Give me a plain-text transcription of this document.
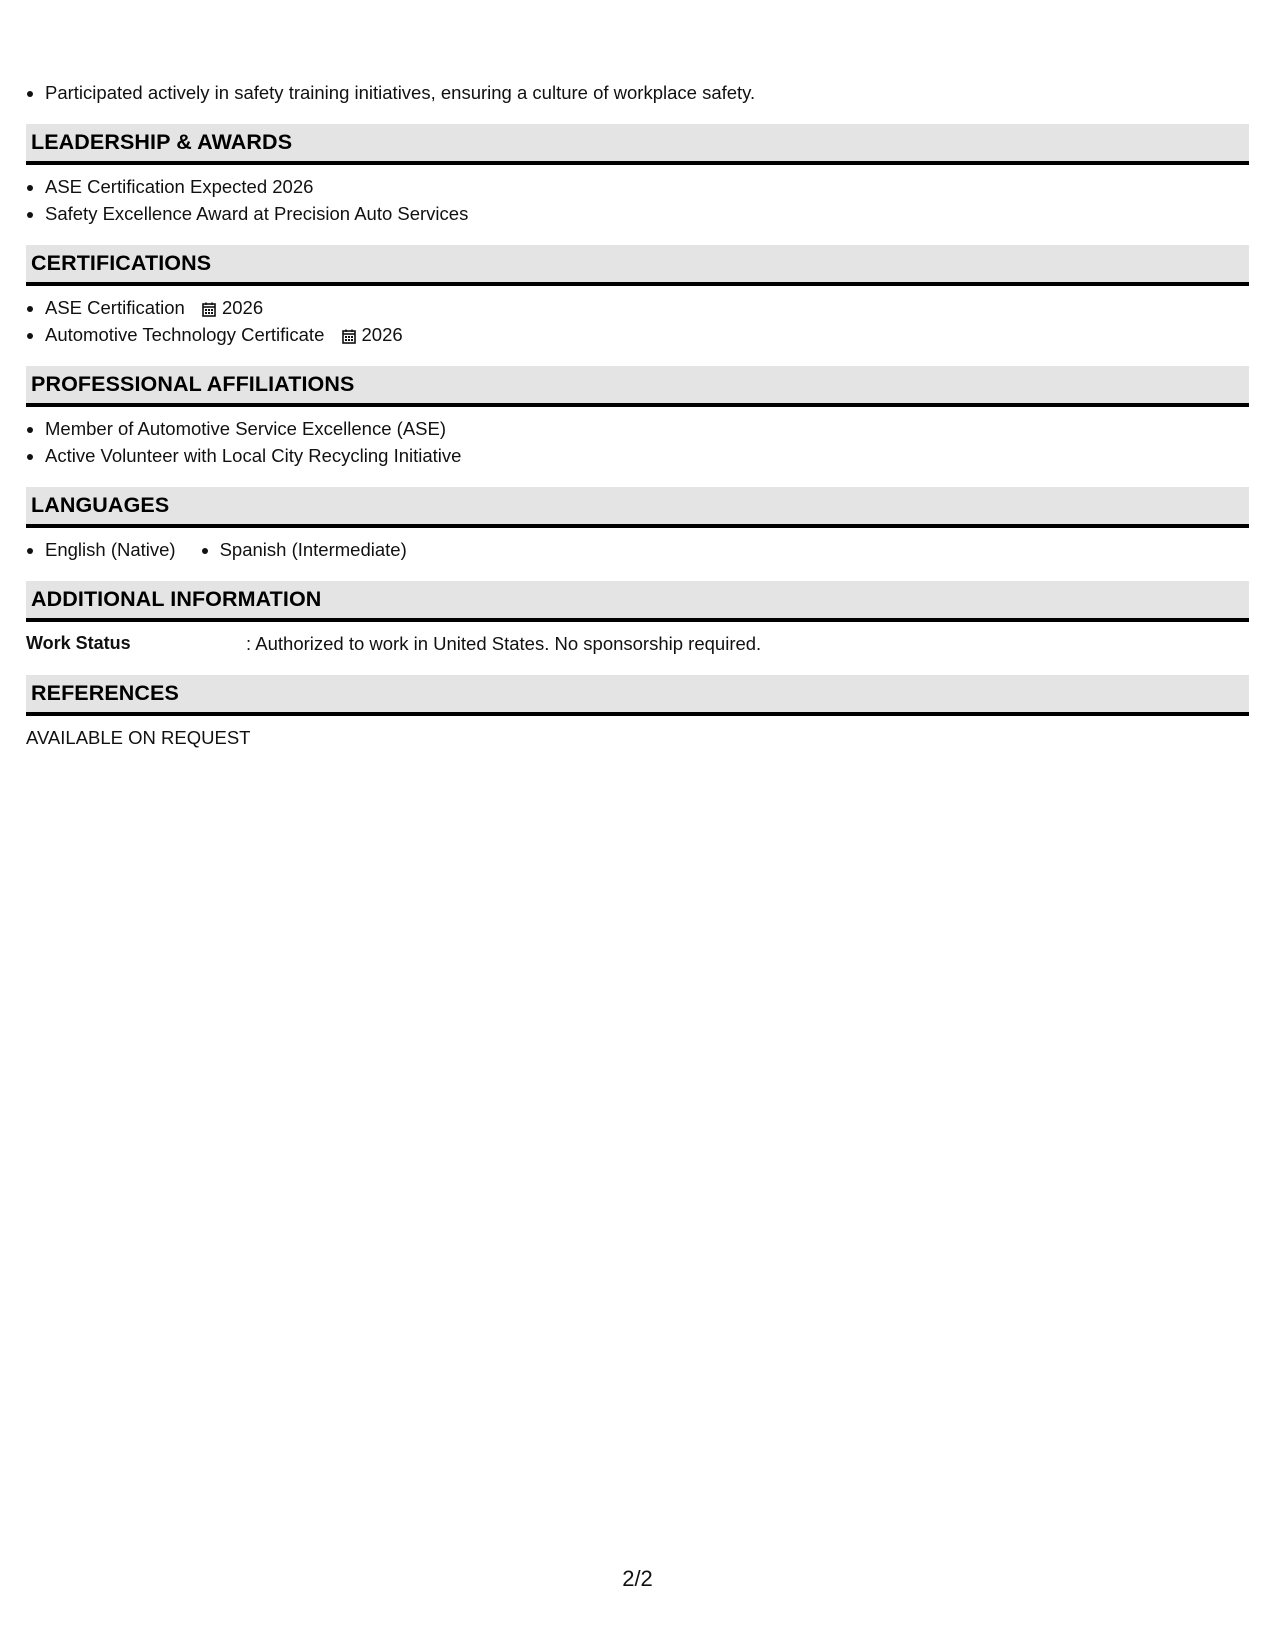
• Participated actively in safety training initiatives, ensuring a culture of workplace safety.
LEADERSHIP & AWARDS
• ASE Certification Expected 2026
• Safety Excellence Award at Precision Auto Services
CERTIFICATIONS
• ASE Certification 2026
• Automotive Technology Certificate 2026
PROFESSIONAL AFFILIATIONS
• Member of Automotive Service Excellence (ASE)
• Active Volunteer with Local City Recycling Initiative
LANGUAGES
• English (Native)
• Spanish (Intermediate)
ADDITIONAL INFORMATION
Work Status	: Authorized to work in United States. No sponsorship required.
REFERENCES
AVAILABLE ON REQUEST
2/2
